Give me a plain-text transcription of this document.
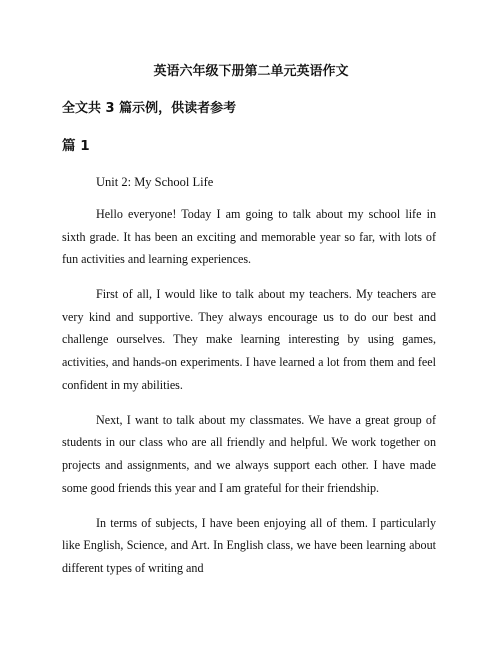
英语六年级下册第二单元英语作文
全文共 3 篇示例，供读者参考
篇 1
Unit 2: My School Life

Hello everyone! Today I am going to talk about my school life in sixth grade. It has been an exciting and memorable year so far, with lots of fun activities and learning experiences.

First of all, I would like to talk about my teachers. My teachers are very kind and supportive. They always encourage us to do our best and challenge ourselves. They make learning interesting by using games, activities, and hands-on experiments. I have learned a lot from them and feel confident in my abilities.

Next, I want to talk about my classmates. We have a great group of students in our class who are all friendly and helpful. We work together on projects and assignments, and we always support each other. I have made some good friends this year and I am grateful for their friendship.

In terms of subjects, I have been enjoying all of them. I particularly like English, Science, and Art. In English class, we have been learning about different types of writing and
